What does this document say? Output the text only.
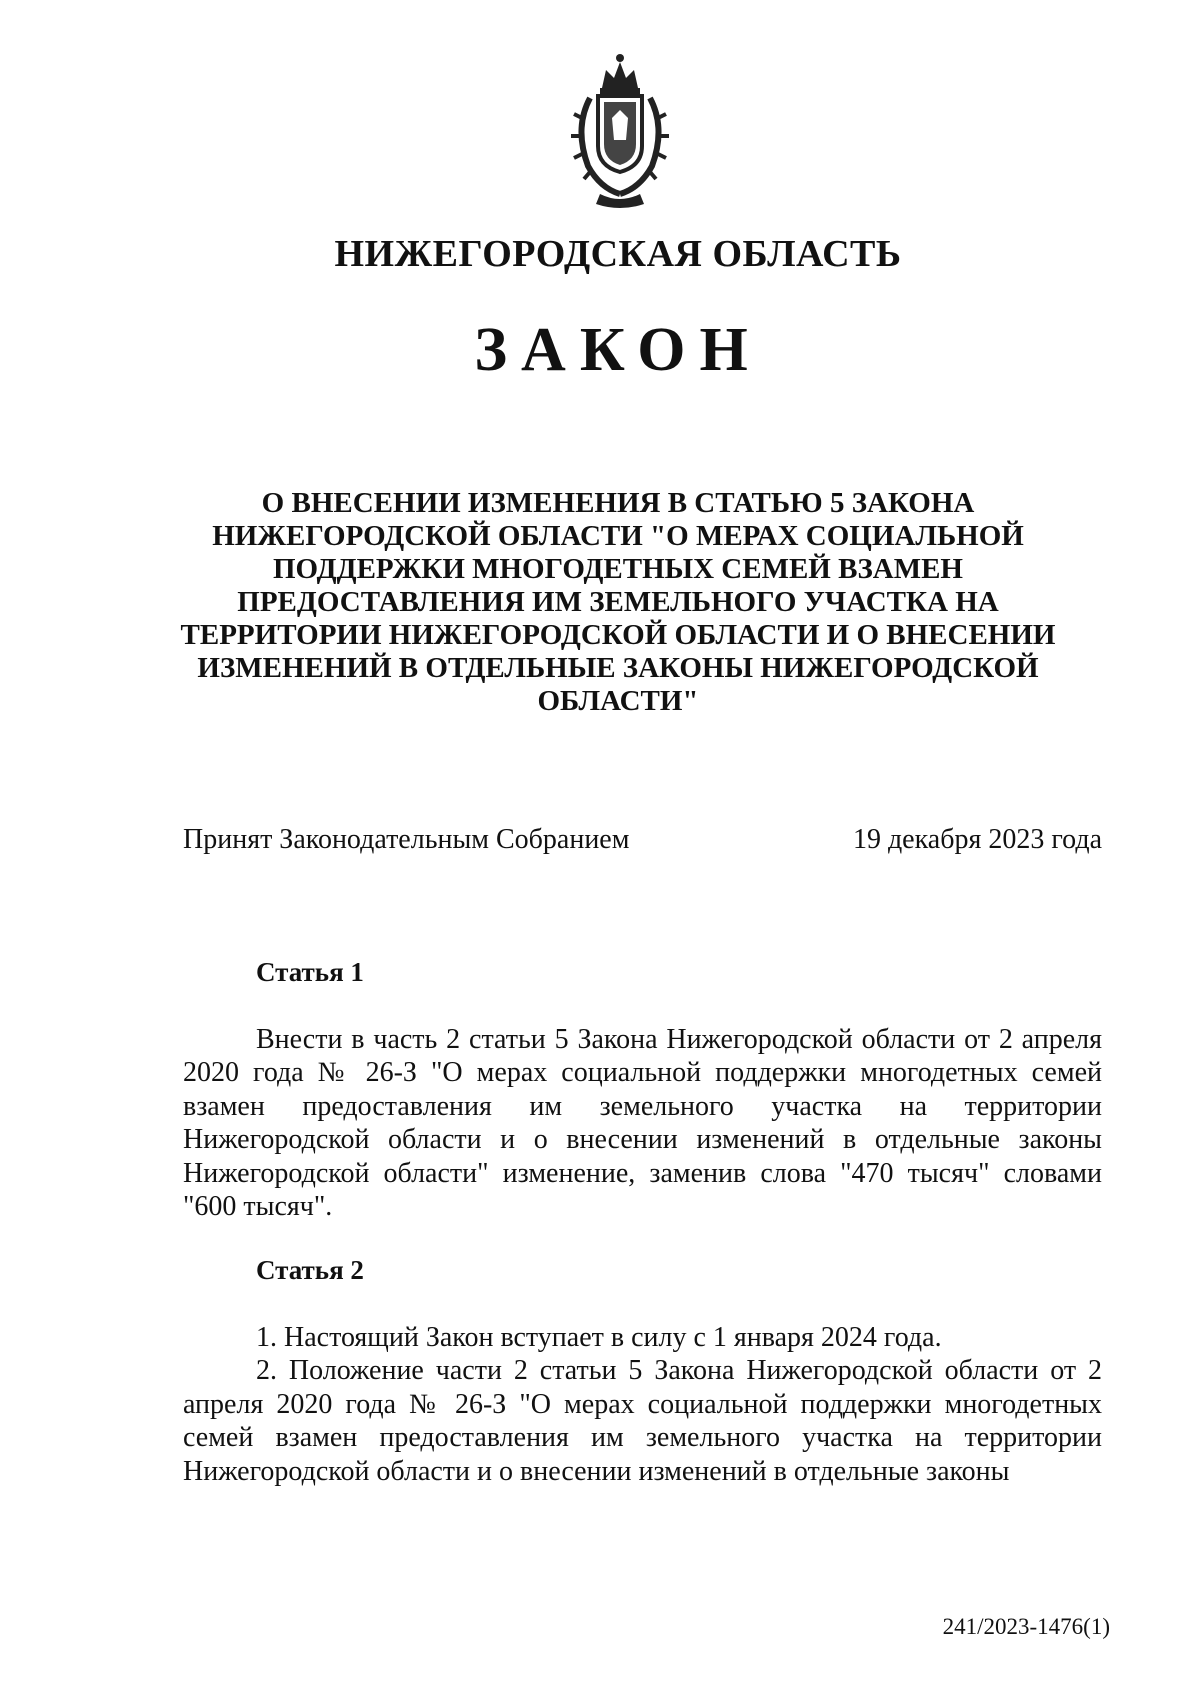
НИЖЕГОРОДСКАЯ ОБЛАСТЬ
ЗАКОН
О ВНЕСЕНИИ ИЗМЕНЕНИЯ В СТАТЬЮ 5 ЗАКОНА НИЖЕГОРОДСКОЙ ОБЛАСТИ "О МЕРАХ СОЦИАЛЬНОЙ ПОДДЕРЖКИ МНОГОДЕТНЫХ СЕМЕЙ ВЗАМЕН ПРЕДОСТАВЛЕНИЯ ИМ ЗЕМЕЛЬНОГО УЧАСТКА НА ТЕРРИТОРИИ НИЖЕГОРОДСКОЙ ОБЛАСТИ И О ВНЕСЕНИИ ИЗМЕНЕНИЙ В ОТДЕЛЬНЫЕ ЗАКОНЫ НИЖЕГОРОДСКОЙ ОБЛАСТИ"
Принят Законодательным Собранием	19 декабря 2023 года
Статья 1

Внести в часть 2 статьи 5 Закона Нижегородской области от 2 апреля 2020 года № 26-З "О мерах социальной поддержки многодетных семей взамен предоставления им земельного участка на территории Нижегородской области и о внесении изменений в отдельные законы Нижегородской области" изменение, заменив слова "470 тысяч" словами "600 тысяч".

Статья 2

1. Настоящий Закон вступает в силу с 1 января 2024 года.

2. Положение части 2 статьи 5 Закона Нижегородской области от 2 апреля 2020 года № 26-З "О мерах социальной поддержки многодетных семей взамен предоставления им земельного участка на территории Нижегородской области и о внесении изменений в отдельные законы

241/2023-1476(1)
